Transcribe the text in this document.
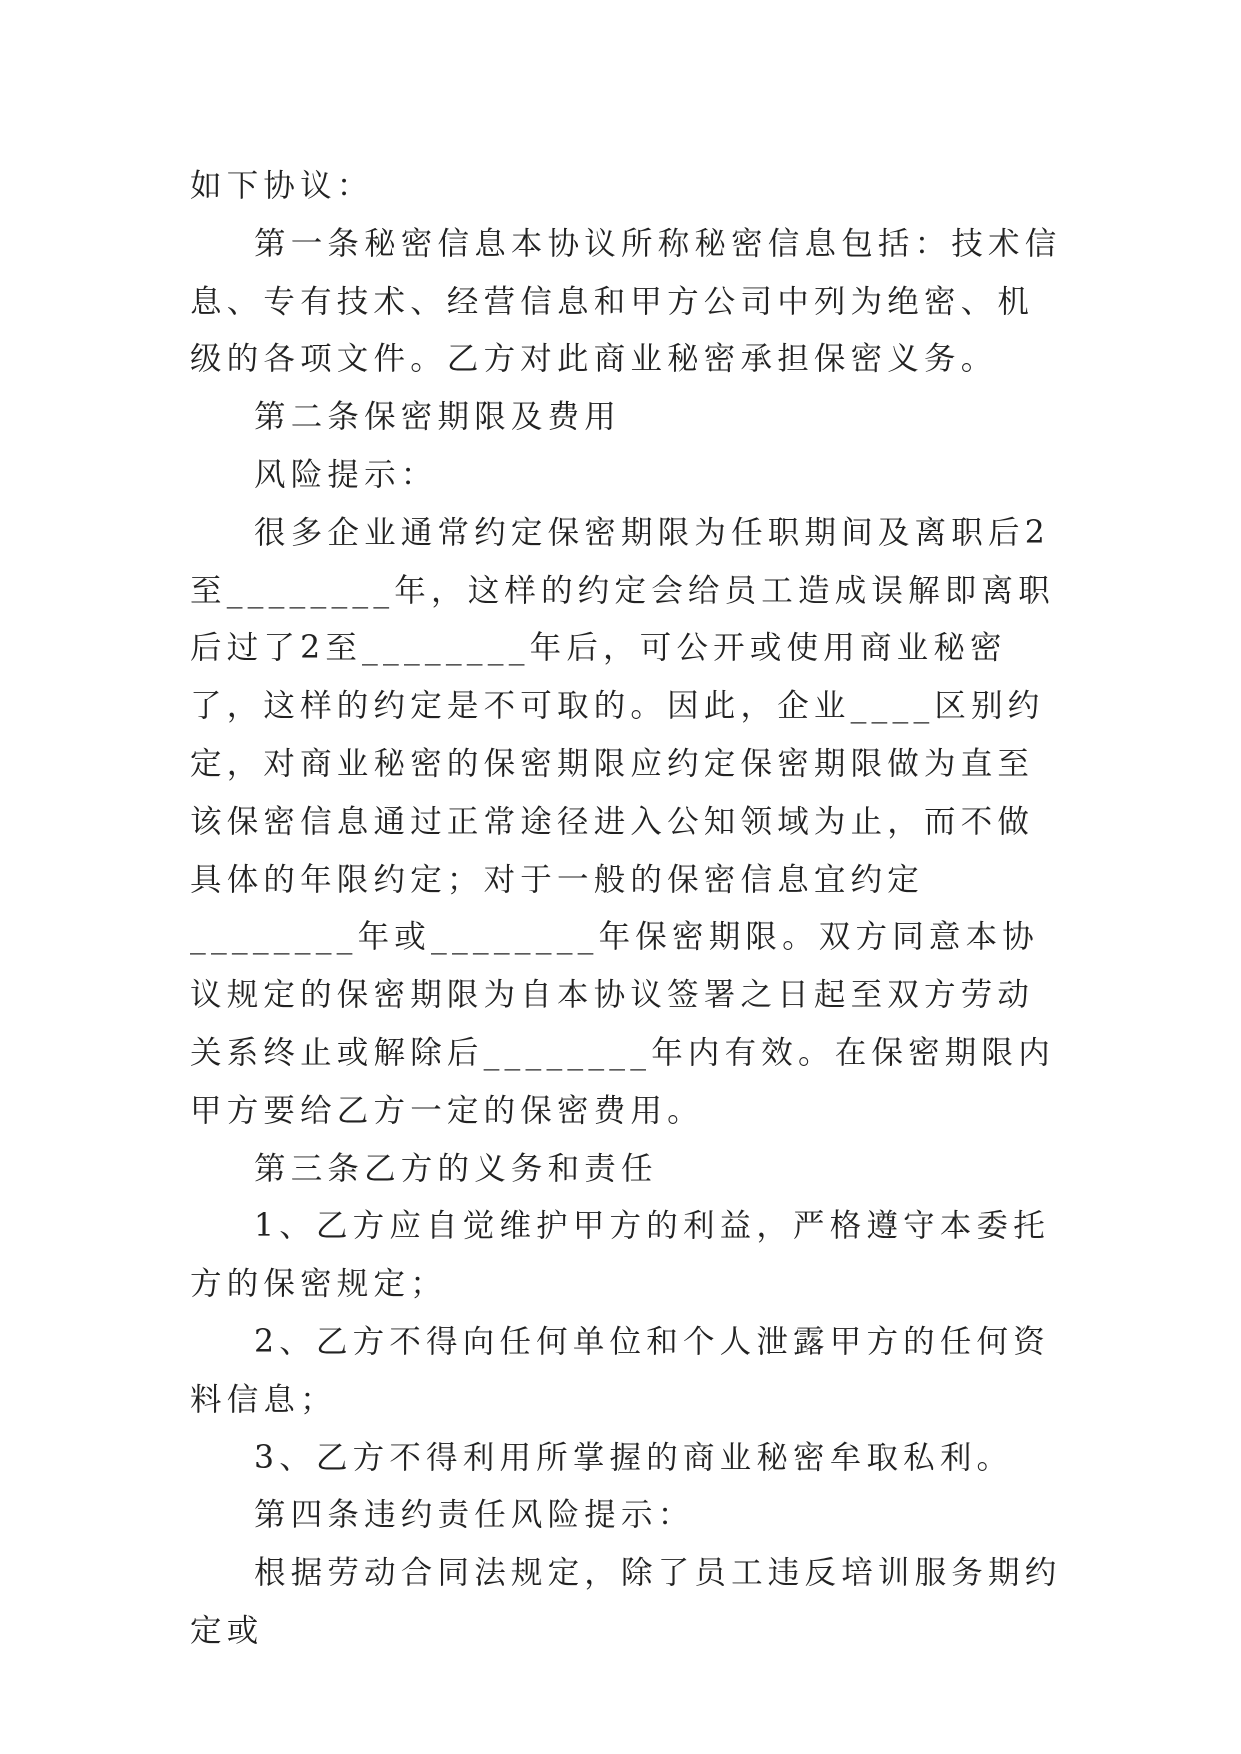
如下协议：

第一条秘密信息本协议所称秘密信息包括：技术信息、专有技术、经营信息和甲方公司中列为绝密、机级的各项文件。乙方对此商业秘密承担保密义务。

第二条保密期限及费用

风险提示：

很多企业通常约定保密期限为任职期间及离职后2至________年，这样的约定会给员工造成误解即离职后过了2至________年后，可公开或使用商业秘密了，这样的约定是不可取的。因此，企业____区别约定，对商业秘密的保密期限应约定保密期限做为直至该保密信息通过正常途径进入公知领域为止，而不做具体的年限约定；对于一般的保密信息宜约定________年或________年保密期限。双方同意本协议规定的保密期限为自本协议签署之日起至双方劳动关系终止或解除后________年内有效。在保密期限内甲方要给乙方一定的保密费用。

第三条乙方的义务和责任

1、乙方应自觉维护甲方的利益，严格遵守本委托方的保密规定；

2、乙方不得向任何单位和个人泄露甲方的任何资料信息；

3、乙方不得利用所掌握的商业秘密牟取私利。

第四条违约责任风险提示：

根据劳动合同法规定，除了员工违反培训服务期约定或
